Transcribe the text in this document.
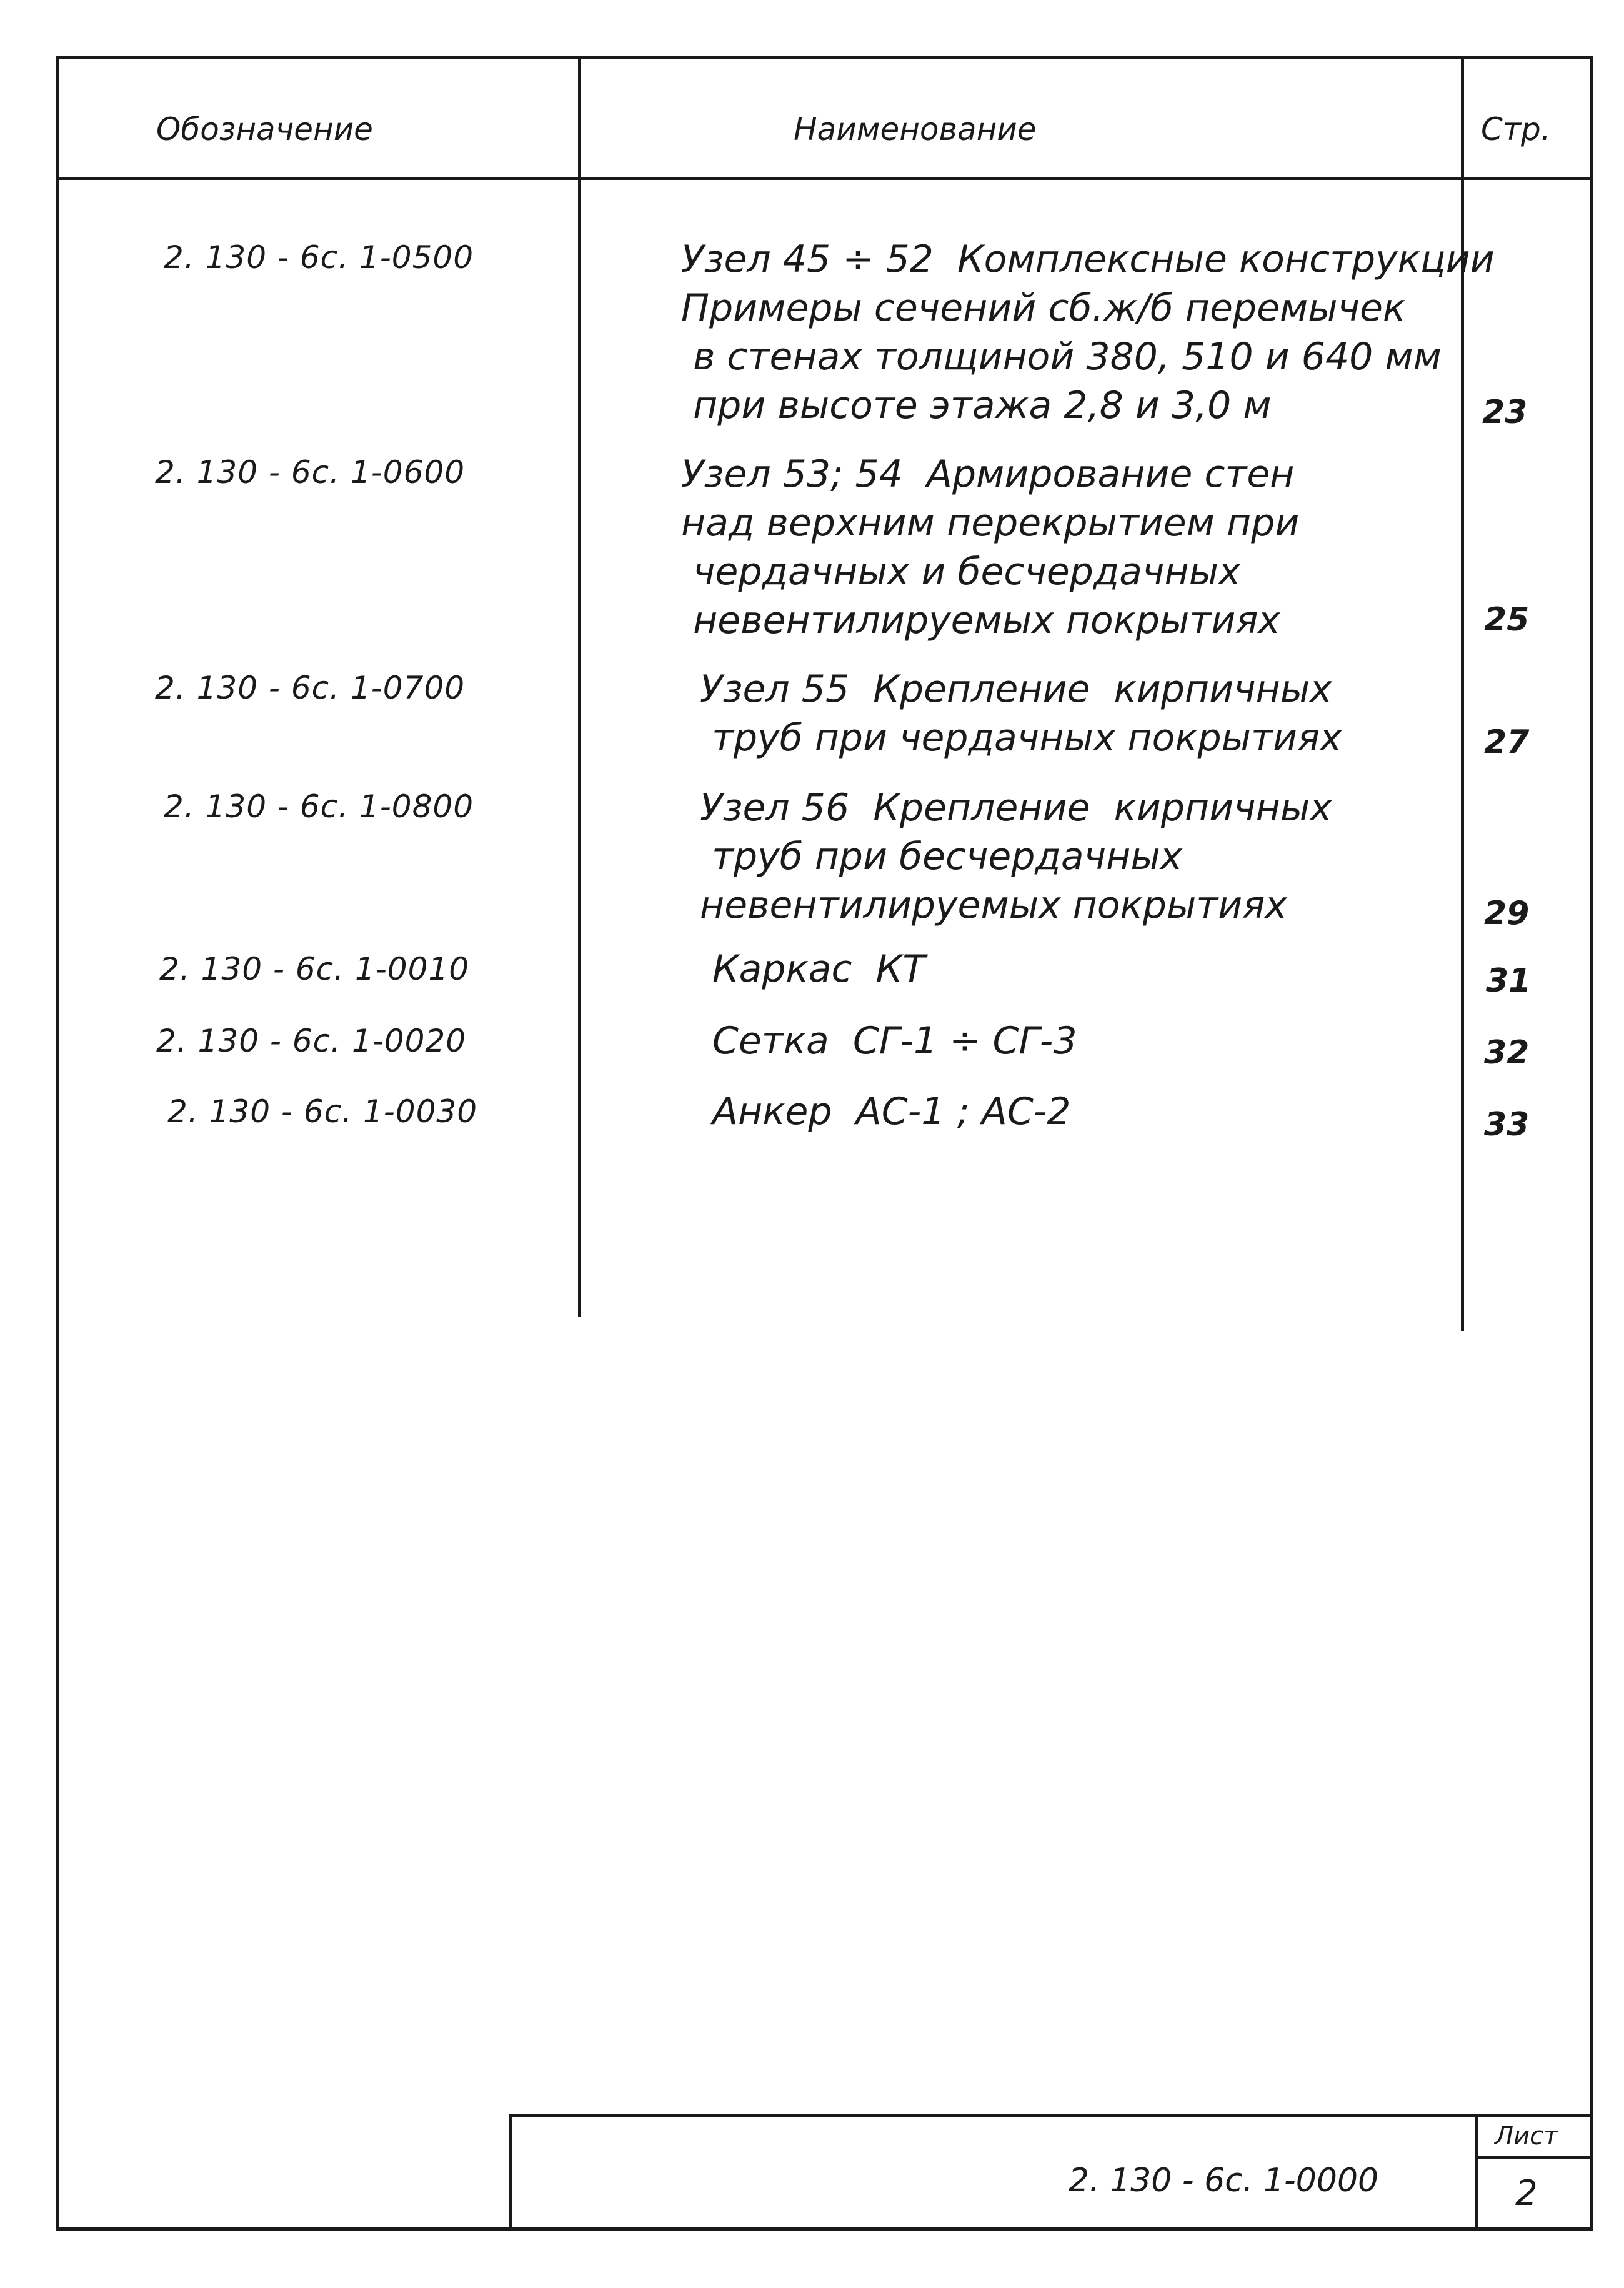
Обозначение	Наименование	Стр.
2. 130 - 6с. 1-0500	Узел 45 ÷ 52  Комплексные конструкции
Примеры сечений сб.ж/б перемычек
в стенах толщиной 380, 510 и 640 мм
при высоте этажа 2,8 и 3,0 м	23
2. 130 - 6с. 1-0600	Узел 53; 54  Армирование стен
над верхним перекрытием при
чердачных и бесчердачных
невентилируемых покрытиях	25
2. 130 - 6с. 1-0700	Узел 55  Крепление  кирпичных
труб при чердачных покрытиях	27
2. 130 - 6с. 1-0800	Узел 56  Крепление  кирпичных
труб при бесчердачных
невентилируемых покрытиях	29
2. 130 - 6с. 1-0010	Каркас  КТ	31
2. 130 - 6с. 1-0020	Сетка  СГ-1 ÷ СГ-3	32
2. 130 - 6с. 1-0030	Анкер  АС-1 ; АС-2	33
2. 130 - 6с. 1-0000
Лист
2
